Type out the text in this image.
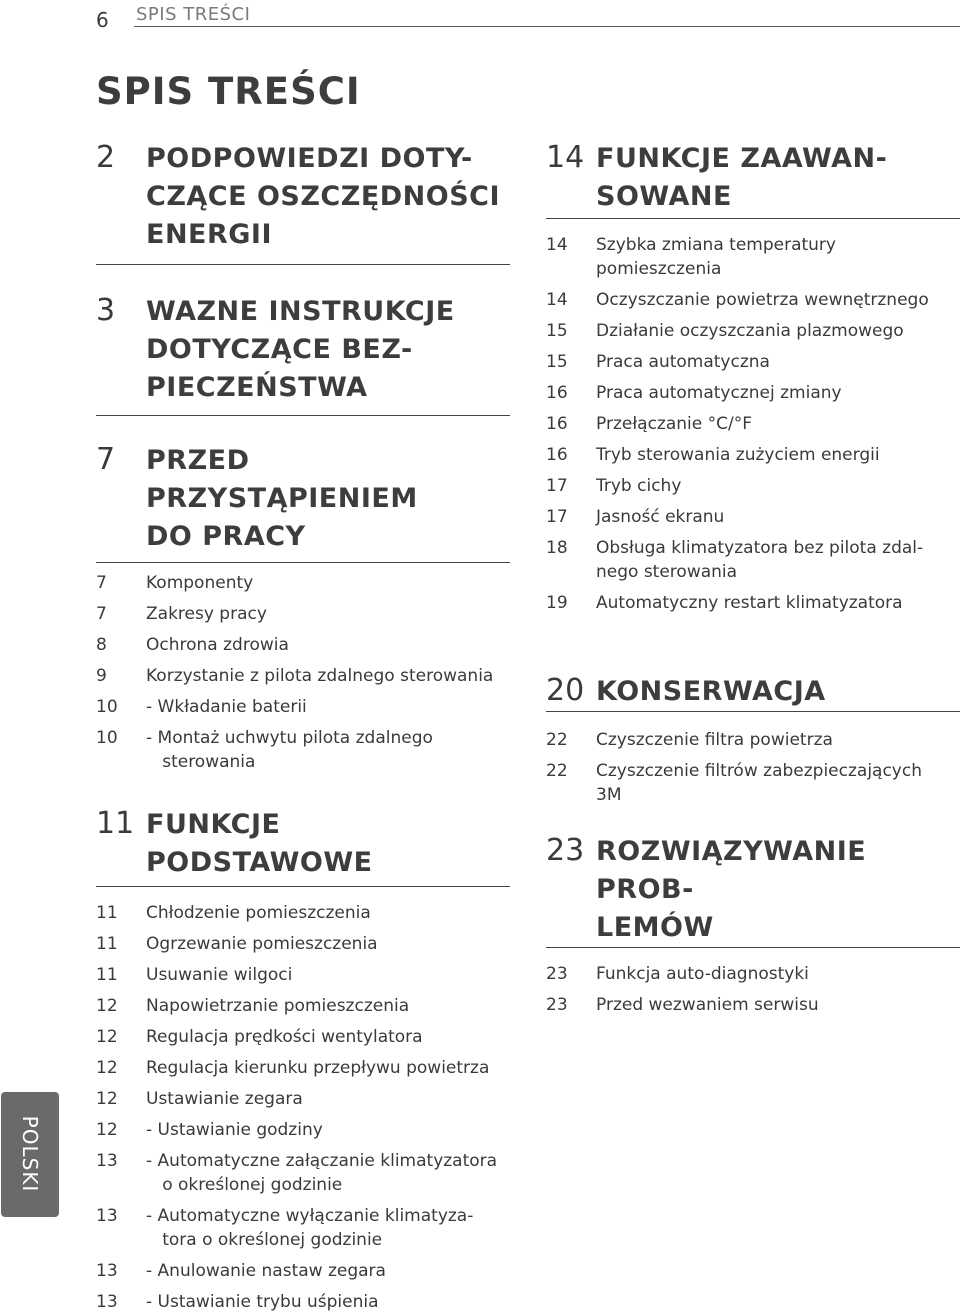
6 SPIS TREŚCI
SPIS TREŚCI
2	PODPOWIEDZI DOTY-
CZĄCE OSZCZĘDNOŚCI
ENERGII
3	WAZNE INSTRUKCJE
DOTYCZĄCE BEZ-
PIECZEŃSTWA
7	PRZED PRZYSTĄPIENIEM
DO PRACY
7	Komponenty
7	Zakresy pracy
8	Ochrona zdrowia
9	Korzystanie z pilota zdalnego sterowania
10	- Wkładanie baterii
10	- Montaż uchwytu pilota zdalnego
sterowania
11 FUNKCJE PODSTAWOWE
11	Chłodzenie pomieszczenia
11	Ogrzewanie pomieszczenia
11	Usuwanie wilgoci
12	Napowietrzanie pomieszczenia
12	Regulacja prędkości wentylatora
12	Regulacja kierunku przepływu powietrza
12	Ustawianie zegara
12	- Ustawianie godziny
13	- Automatyczne załączanie klimatyzatora
o określonej godzinie
13	- Automatyczne wyłączanie klimatyza-
tora o określonej godzinie
13	- Anulowanie nastaw zegara
13	- Ustawianie trybu uśpienia
14 FUNKCJE ZAAWAN-
SOWANE
14	Szybka zmiana temperatury
pomieszczenia
14	Oczyszczanie powietrza wewnętrznego
15	Działanie oczyszczania plazmowego
15	Praca automatyczna
16	Praca automatycznej zmiany
16	Przełączanie °C/°F
16	Tryb sterowania zużyciem energii
17	Tryb cichy
17	Jasność ekranu
18	Obsługa klimatyzatora bez pilota zdal-
nego sterowania
19	Automatyczny restart klimatyzatora
20 KONSERWACJA
22	Czyszczenie filtra powietrza
22	Czyszczenie filtrów zabezpieczających
3M
23 ROZWIĄZYWANIE PROB-
LEMÓW
23	Funkcja auto-diagnostyki
23	Przed wezwaniem serwisu
POLSKI
